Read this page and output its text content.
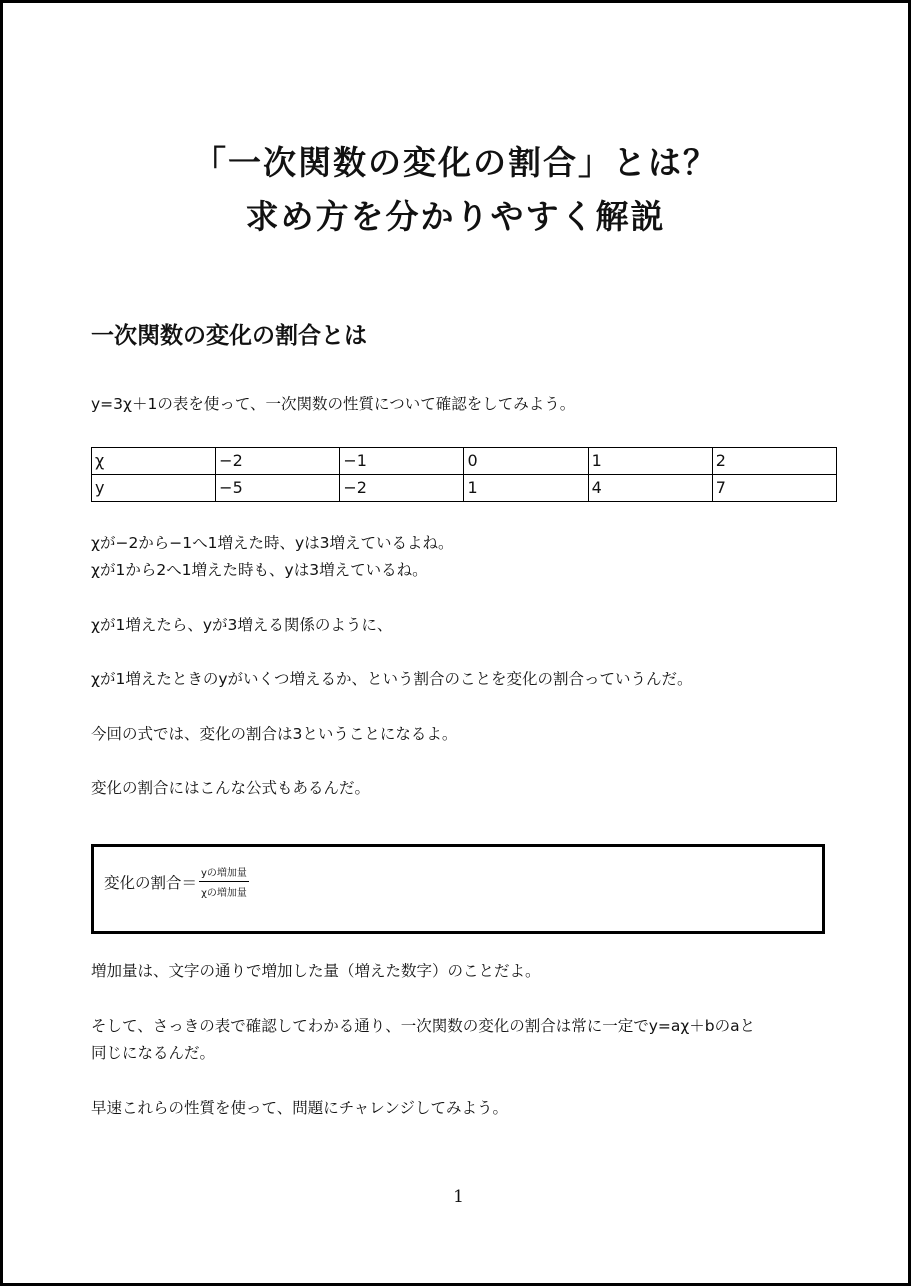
「一次関数の変化の割合」とは？
求め方を分かりやすく解説
一次関数の変化の割合とは
y=3χ＋1の表を使って、一次関数の性質について確認をしてみよう。
χ	−2	−1	0	1	2
y	−5	−2	1	4	7
χが−2から−1へ1増えた時、yは3増えているよね。
χが1から2へ1増えた時も、yは3増えているね。
χが1増えたら、yが3増える関係のように、
χが1増えたときのyがいくつ増えるか、という割合のことを変化の割合っていうんだ。
今回の式では、変化の割合は3ということになるよ。
変化の割合にはこんな公式もあるんだ。
変化の割合＝ $\frac{\text{yの増加量}}{\text{χの増加量}}$
増加量は、文字の通りで増加した量（増えた数字）のことだよ。
そして、さっきの表で確認してわかる通り、一次関数の変化の割合は常に一定でy=aχ＋bのaと
同じになるんだ。
早速これらの性質を使って、問題にチャレンジしてみよう。
1
